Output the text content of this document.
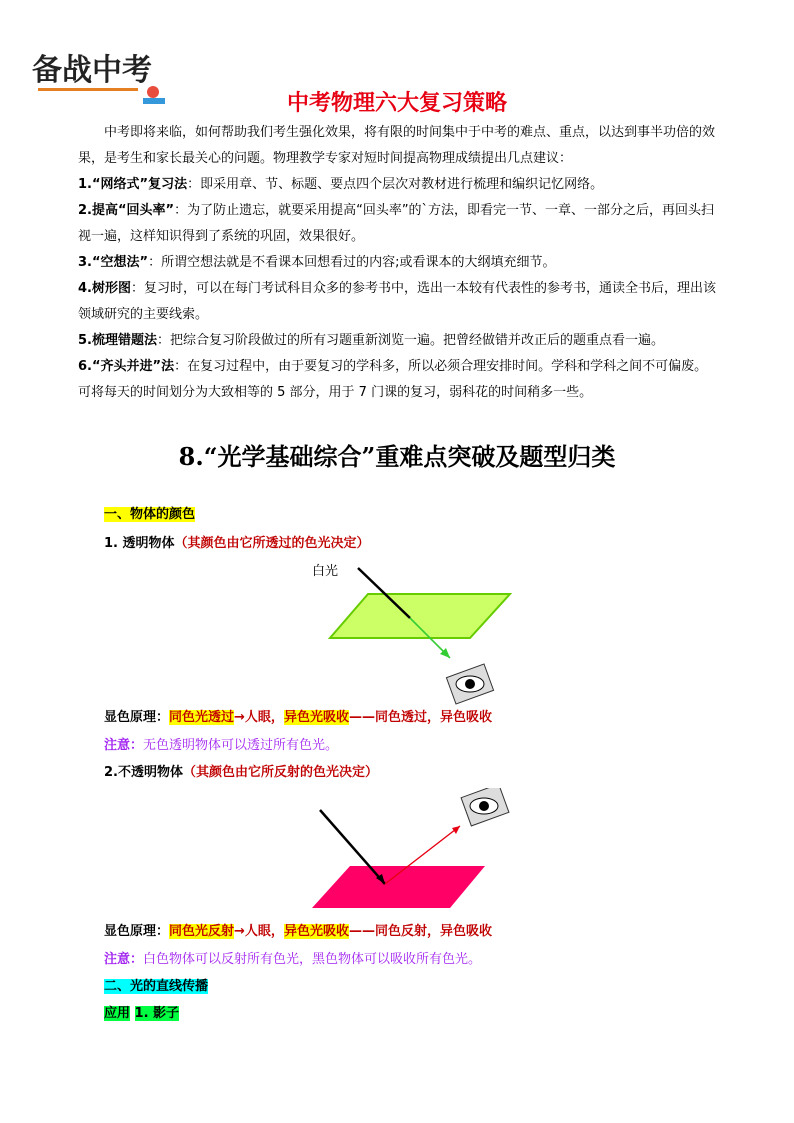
备战中考
中考物理六大复习策略
中考即将来临，如何帮助我们考生强化效果，将有限的时间集中于中考的难点、重点，以达到事半功倍的效果，是考生和家长最关心的问题。物理教学专家对短时间提高物理成绩提出几点建议：
1.“网络式”复习法：即采用章、节、标题、要点四个层次对教材进行梳理和编织记忆网络。
2.提高“回头率”：为了防止遗忘，就要采用提高“回头率”的`方法，即看完一节、一章、一部分之后，再回头扫视一遍，这样知识得到了系统的巩固，效果很好。
3.“空想法”：所谓空想法就是不看课本回想看过的内容;或看课本的大纲填充细节。
4.树形图：复习时，可以在每门考试科目众多的参考书中，选出一本较有代表性的参考书，通读全书后，理出该领域研究的主要线索。
5.梳理错题法：把综合复习阶段做过的所有习题重新浏览一遍。把曾经做错并改正后的题重点看一遍。
6.“齐头并进”法：在复习过程中，由于要复习的学科多，所以必须合理安排时间。学科和学科之间不可偏废。可将每天的时间划分为大致相等的 5 部分，用于 7 门课的复习，弱科花的时间稍多一些。
8.“光学基础综合”重难点突破及题型归类
一、物体的颜色
1. 透明物体（其颜色由它所透过的色光决定）
白光
显色原理：同色光透过→人眼，异色光吸收——同色透过，异色吸收
注意：无色透明物体可以透过所有色光。
2.不透明物体（其颜色由它所反射的色光决定）
显色原理：同色光反射→人眼，异色光吸收——同色反射，异色吸收
注意：白色物体可以反射所有色光，黑色物体可以吸收所有色光。
二、光的直线传播
应用 1. 影子
